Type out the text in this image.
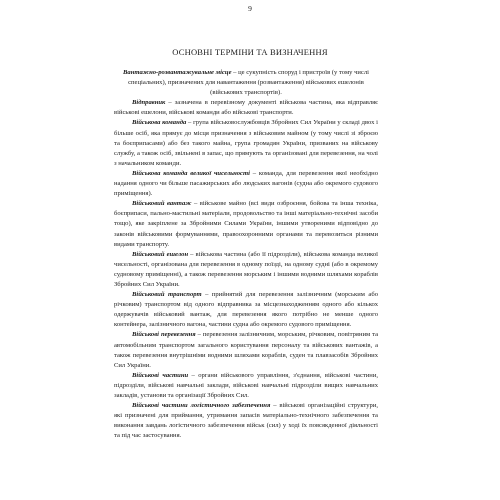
9
ОСНОВНІ ТЕРМІНИ ТА ВИЗНАЧЕННЯ

Вантажно-розвантажувальне місце – це сукупність споруд і пристроїв (у тому числі спеціальних), призначених для навантаження (розвантаження) військових ешелонів (військових транспортів).

Відправник – зазначена в перевізному документі військова частина, яка відправляє військові ешелони, військові команди або військові транспорти.

Військова команда – група військовослужбовців Збройних Сил України у складі двох і більше осіб, яка прямує до місця призначення з військовим майном (у тому числі зі зброєю та боєприпасами) або без такого майна, група громадян України, призваних на військову службу, а також осіб, звільнені в запас, що прямують та організовані для перевезення, на чолі з начальником команди.

Військова команда великої чисельності – команда, для перевезення якої необхідно надання одного чи більше пасажирських або людських вагонів (судна або окремого судового приміщення).

Військовий вантаж – військове майно (всі види озброєння, бойова та інша техніка, боєприпаси, пально-мастильні матеріали, продовольство та інші матеріально-технічні засоби тощо), яке закріплене за Збройними Силами України, іншими утвореними відповідно до законів військовими формуваннями, правоохоронними органами та перевозиться різними видами транспорту.

Військовий ешелон – військова частина (або її підрозділи), військова команда великої чисельності, організована для перевезення в одному поїзді, на одному судні (або в окремому судновому приміщенні), а також перевезення морським і іншими водними шляхами кораблів Збройних Сил України.

Військовий транспорт – прийнятий для перевезення залізничним (морським або річковим) транспортом від одного відправника за місцезнаходженням одного або кількох одержувачів військовий вантаж, для перевезення якого потрібно не менше одного контейнера, залізничного вагона, частини судна або окремого судового приміщення.

Військові перевезення – перевезення залізничним, морським, річковим, повітряним та автомобільним транспортом загального користування персоналу та військових вантажів, а також перевезення внутрішніми водними шляхами кораблів, суден та плавзасобів Збройних Сил України.

Військові частини – органи військового управління, з'єднання, військові частини, підрозділи, військові навчальні заклади, військові навчальні підрозділи вищих навчальних закладів, установи та організації Збройних Сил.

Військові частини логістичного забезпечення – військові організаційні структури, які призначені для приймання, утримання запасів матеріально-технічного забезпечення та виконання завдань логістичного забезпечення військ (сил) у ході їх повсякденної діяльності та під час застосування.
